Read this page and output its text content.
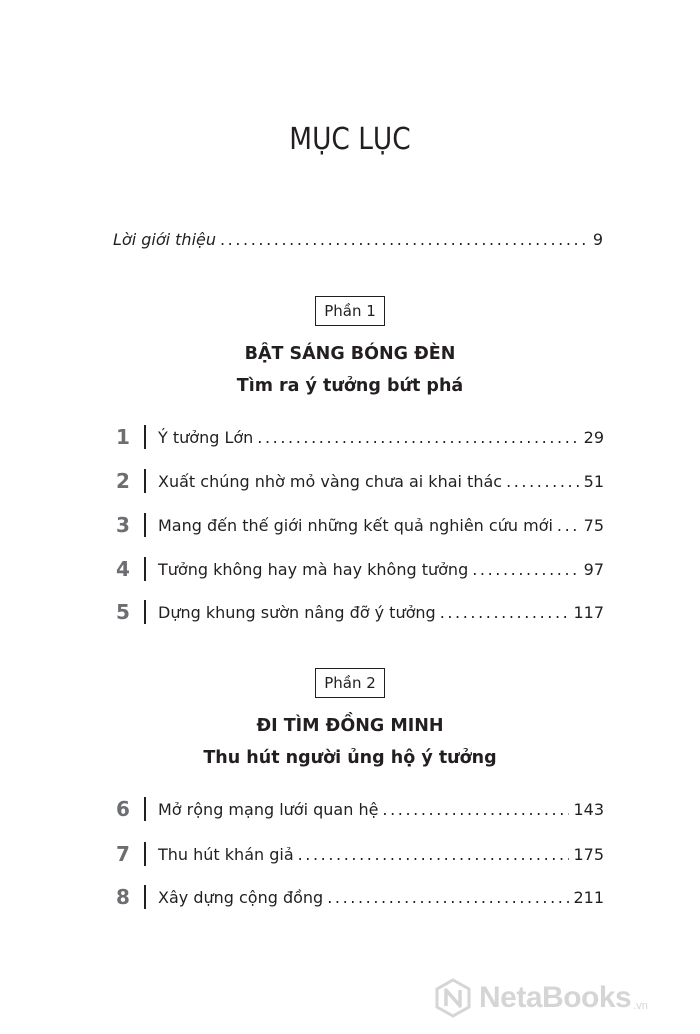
MỤC LỤC
Lời giới thiệu .....	9
Phần 1
BẬT SÁNG BÓNG ĐÈN
Tìm ra ý tưởng bứt phá
1	Ý tưởng Lớn .....	29
2	Xuất chúng nhờ mỏ vàng chưa ai khai thác .....	51
3	Mang đến thế giới những kết quả nghiên cứu mới ..... 75
4	Tưởng không hay mà hay không tưởng .....	97
5	Dựng khung sườn nâng đỡ ý tưởng .....	117
Phần 2
ĐI TÌM ĐỒNG MINH
Thu hút người ủng hộ ý tưởng
6	Mở rộng mạng lưới quan hệ .....	143
7	Thu hút khán giả .....	175
8	Xây dựng cộng đồng .....	211
NetaBooks .vn
